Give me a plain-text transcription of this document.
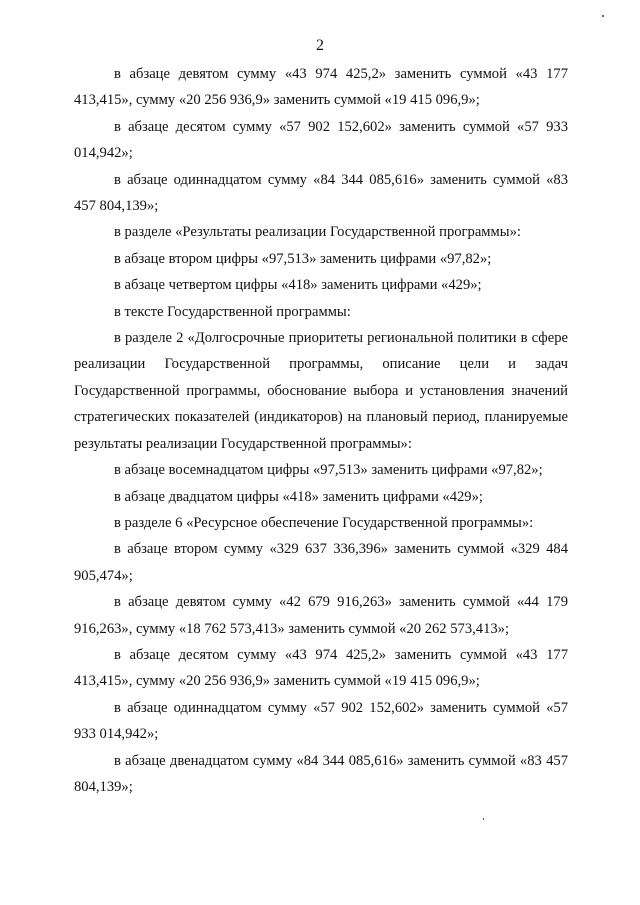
2

в абзаце девятом сумму «43 974 425,2» заменить суммой «43 177 413,415», сумму «20 256 936,9» заменить суммой «19 415 096,9»;

в абзаце десятом сумму «57 902 152,602» заменить суммой «57 933 014,942»;

в абзаце одиннадцатом сумму «84 344 085,616» заменить суммой «83 457 804,139»;

в разделе «Результаты реализации Государственной программы»:

в абзаце втором цифры «97,513» заменить цифрами «97,82»;

в абзаце четвертом цифры «418» заменить цифрами «429»;

в тексте Государственной программы:

в разделе 2 «Долгосрочные приоритеты региональной политики в сфере реализации Государственной программы, описание цели и задач Государственной программы, обоснование выбора и установления значений стратегических показателей (индикаторов) на плановый период, планируемые результаты реализации Государственной программы»:

в абзаце восемнадцатом цифры «97,513» заменить цифрами «97,82»;

в абзаце двадцатом цифры «418» заменить цифрами «429»;

в разделе 6 «Ресурсное обеспечение Государственной программы»:

в абзаце втором сумму «329 637 336,396» заменить суммой «329 484 905,474»;

в абзаце девятом сумму «42 679 916,263» заменить суммой «44 179 916,263», сумму «18 762 573,413» заменить суммой «20 262 573,413»;

в абзаце десятом сумму «43 974 425,2» заменить суммой «43 177 413,415», сумму «20 256 936,9» заменить суммой «19 415 096,9»;

в абзаце одиннадцатом сумму «57 902 152,602» заменить суммой «57 933 014,942»;

в абзаце двенадцатом сумму «84 344 085,616» заменить суммой «83 457 804,139»;
